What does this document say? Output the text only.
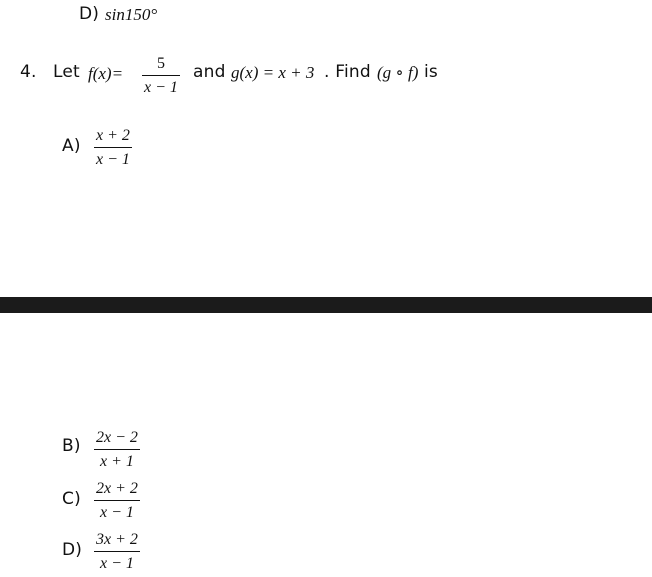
D) sin150°
4. Let f(x)=
5
x − 1
and g(x) = x + 3 . Find (g ∘ f) is
A)
x + 2
x − 1
B) 2x − 2
x + 1
C)
2x + 2
x − 1
D)
3x + 2
x − 1
